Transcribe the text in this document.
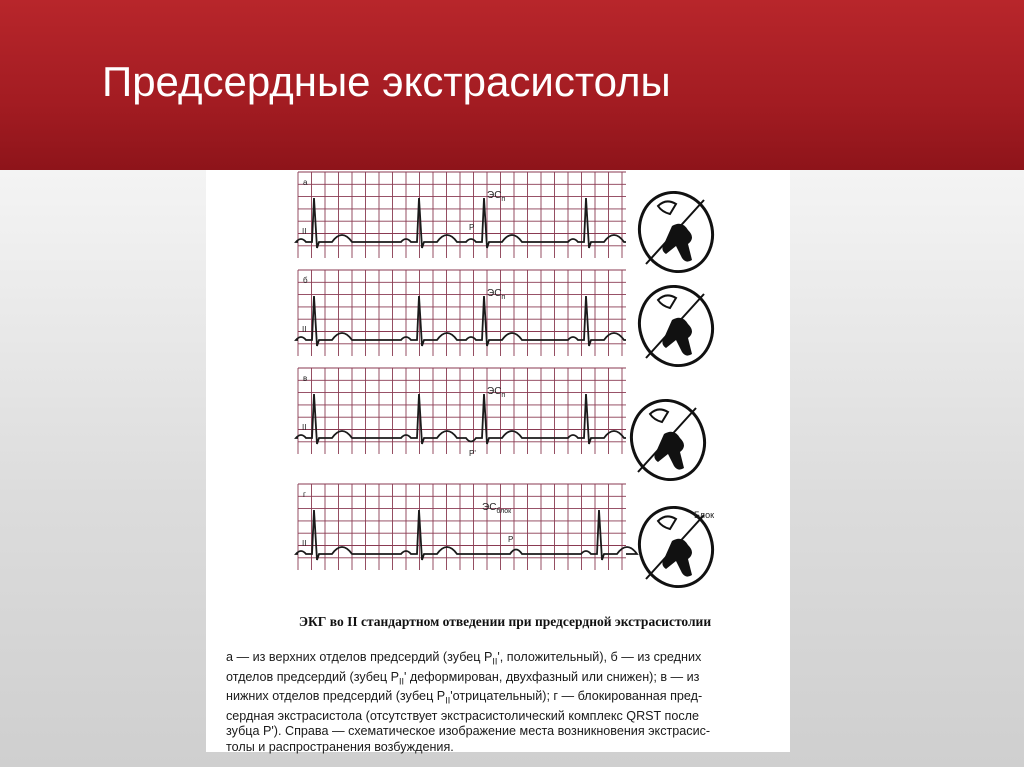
Предсердные экстрасистолы
а
II
$ЭС_п$
P
б
II
$ЭС_п$
в
II
$ЭС_п$
P'
г
II
$ЭС_{блок}$
P
Блок
ЭКГ во II стандартном отведении при предсердной экстрасистолии
а — из верхних отделов предсердий (зубец $P_{II}'$, положительный), б — из средних
отделов предсердий (зубец $P_{II}'$ деформирован, двухфазный или снижен); в — из
нижних отделов предсердий (зубец $P_{II}'отрицательный$); г — блокированная пред-
сердная экстрасистола (отсутствует экстрасистолический комплекс QRST после
зубца P'). Справа — схематическое изображение места возникновения экстрасис-
толы и распространения возбуждения.
